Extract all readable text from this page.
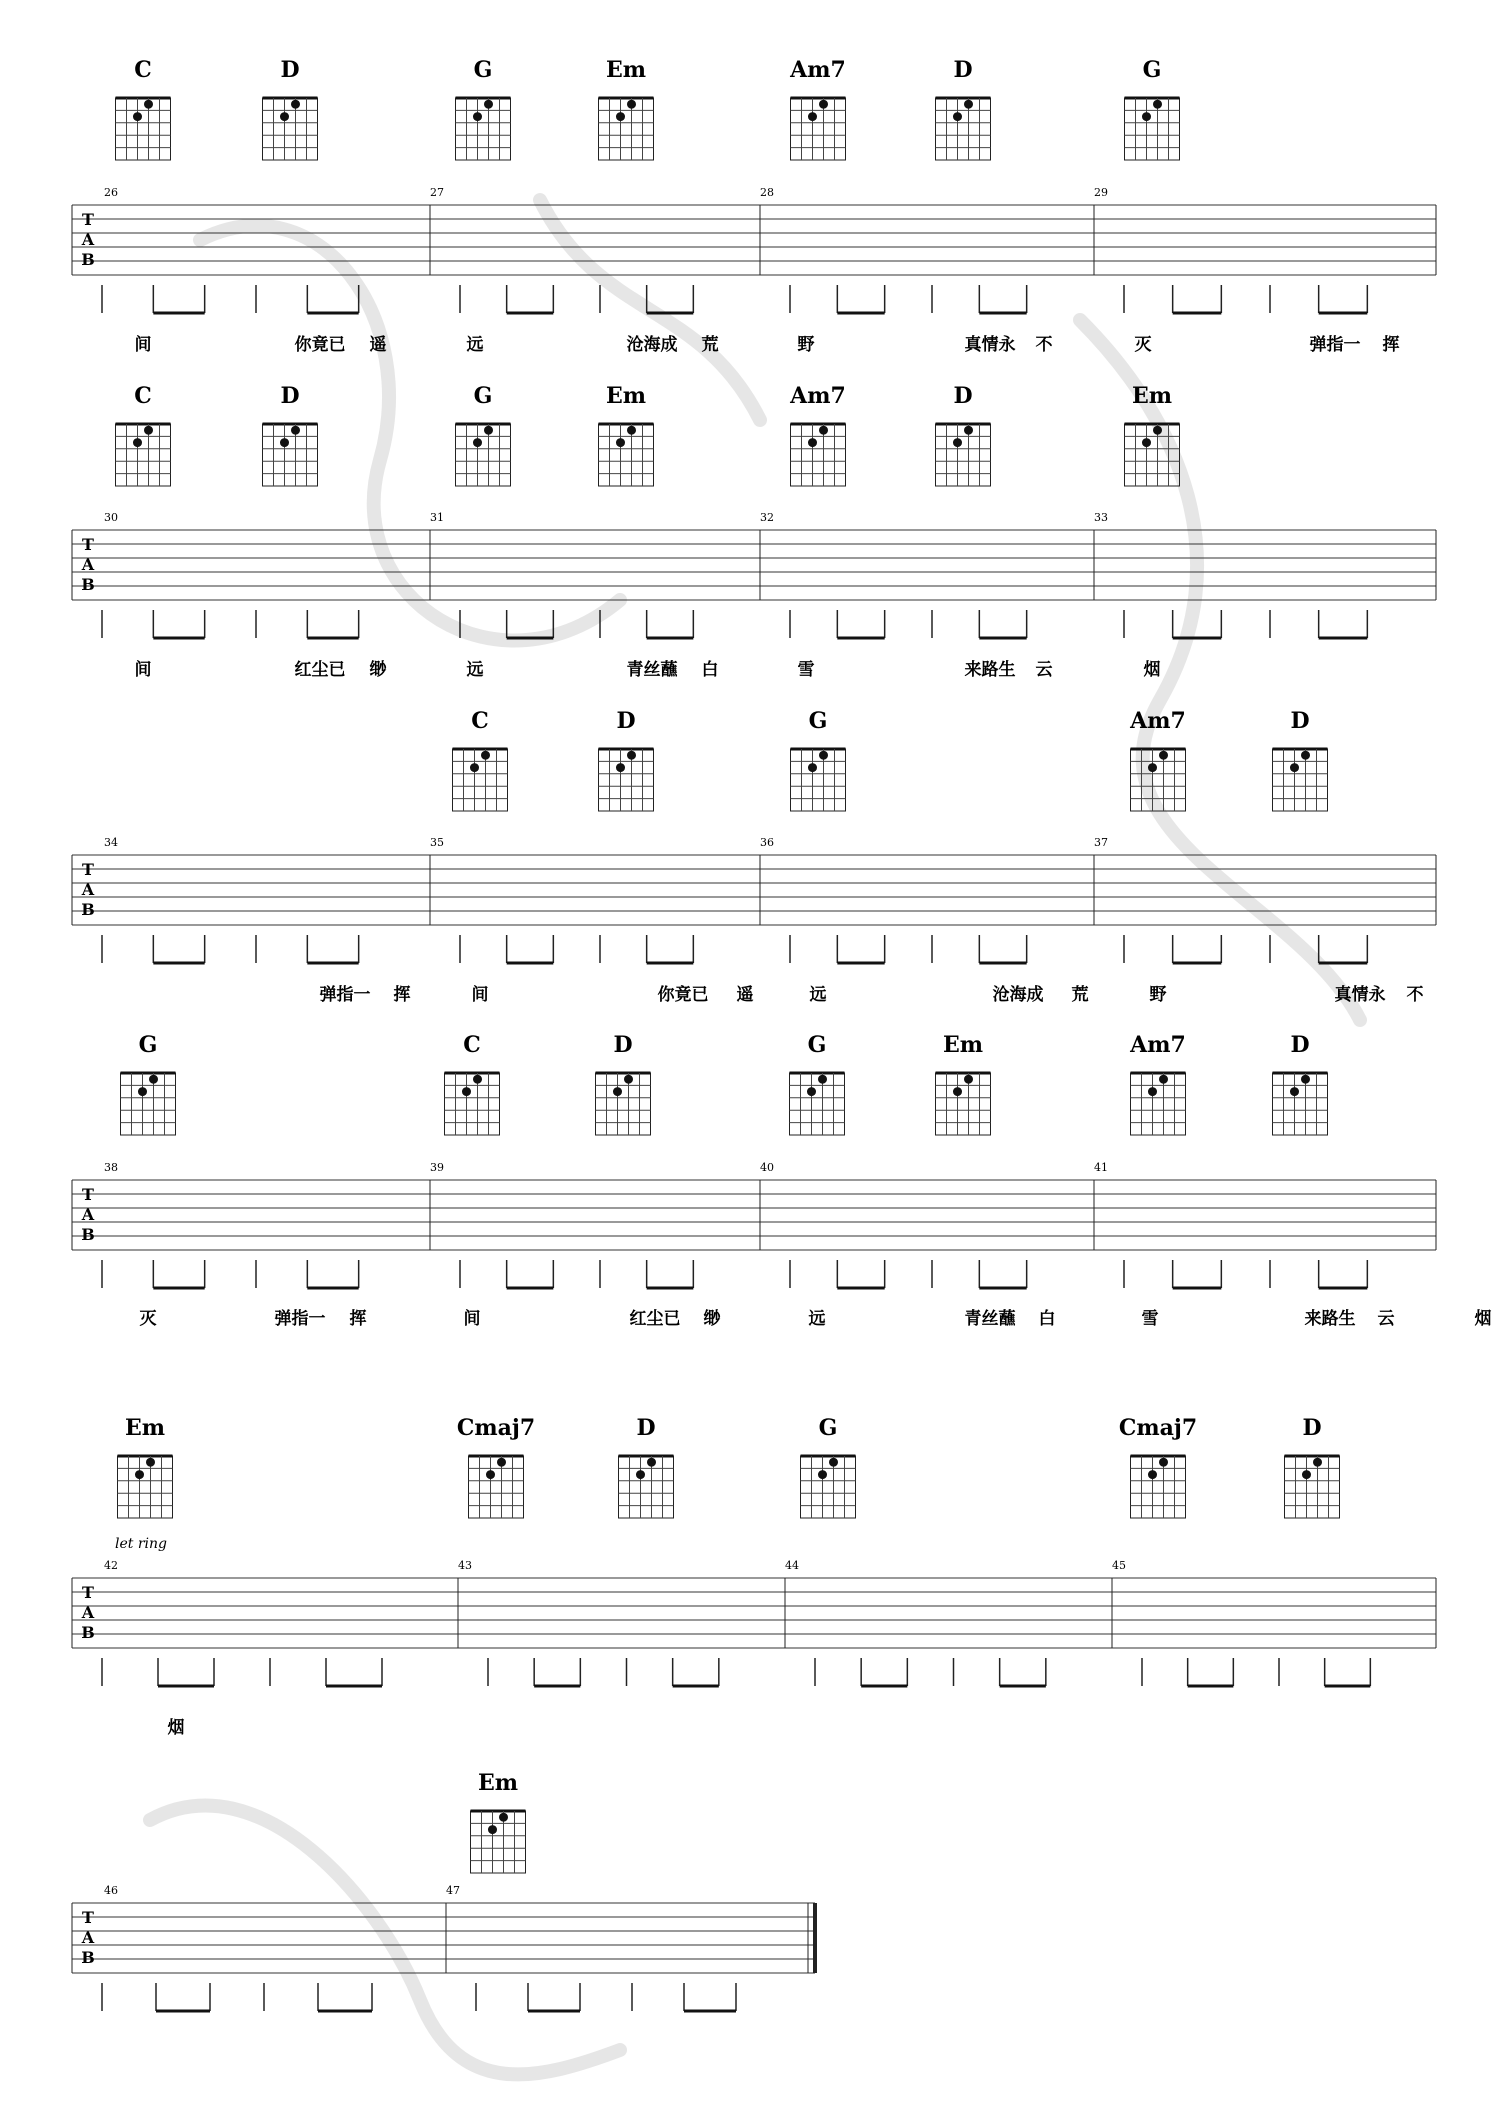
C	D	G	Em	Am7	D	G
C	D	G	Em	Am7	D	Em
C	D	G	Am7	D
G	C	D	G	Em	Am7	D
Em	Cmaj7	D	G	Cmaj7	D
Em
T
A
B
T
A
B
T
A
B
T
A
B
T
A
B
T
A
B
26	27	28	29
30	31	32	33
34	35	36	37
38	39	40	41
42	43	44	45
46	47
let ring
间	你竟已 遥	远	沧海成 荒	野	真情永 不	灭	弹指一 挥
间	红尘已 缈	远	青丝蘸 白	雪	来路生 云	烟
弹指一 挥	间	你竟已 遥	远	沧海成 荒	野	真情永 不
灭	弹指一 挥	间	红尘已 缈	远	青丝蘸 白	雪	来路生 云	烟
烟
